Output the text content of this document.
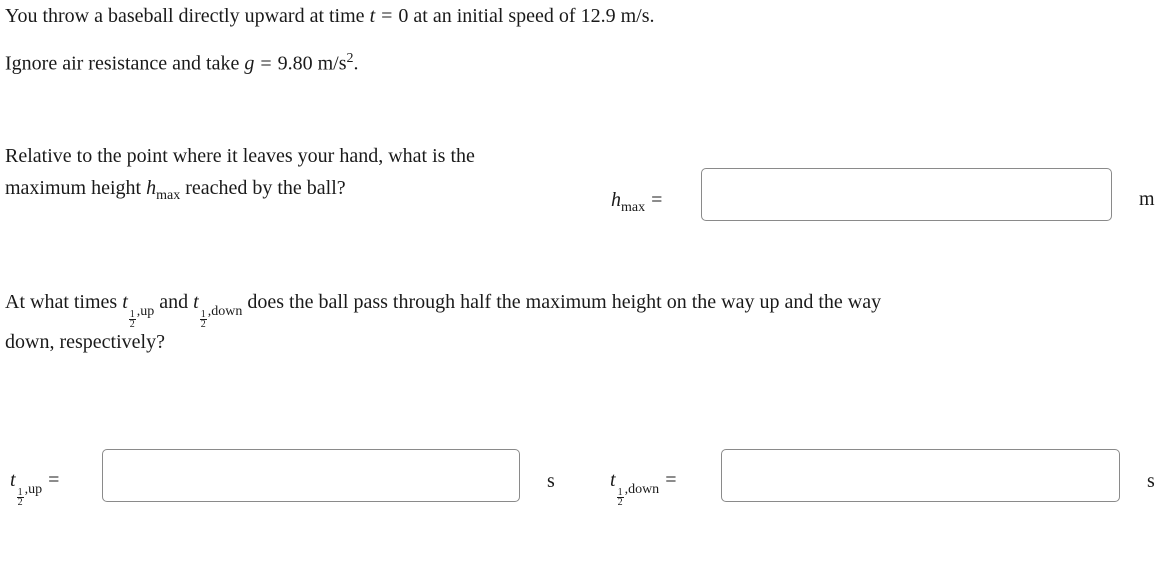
You throw a baseball directly upward at time t = 0 at an initial speed of 12.9 m/s.
Ignore air resistance and take g = 9.80 $m/s^2$.
Relative to the point where it leaves your hand, what is the
maximum height $h_{max}$ reached by the ball?
$h_{max}$ =	m
At what times t
$\frac{1}{2} _{,up}$ and t
$\frac{1}{2} _{,down}$ does the ball pass through half the maximum height on the way up and the way
down, respectively?
t
$\frac{1}{2} _{,up}$ =	s	t
$\frac{1}{2} _{,down}$ =	s
